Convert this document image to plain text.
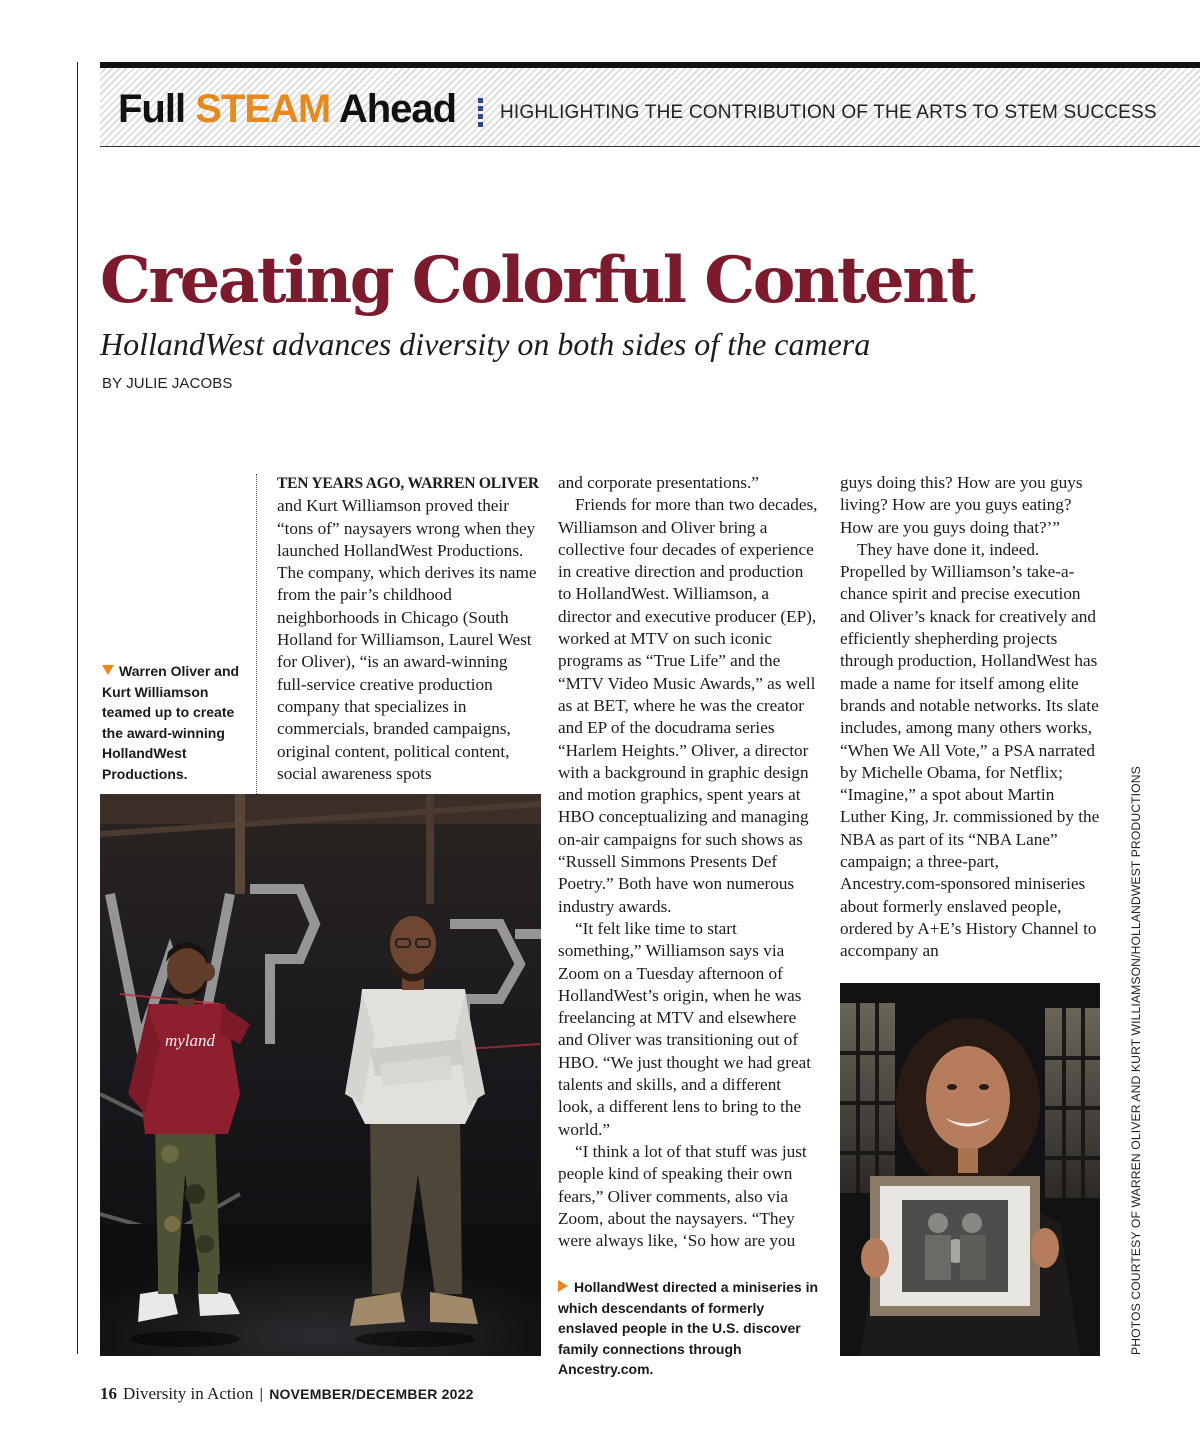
Full STEAM Ahead HIGHLIGHTING THE CONTRIBUTION OF THE ARTS TO STEM SUCCESS

Creating Colorful Content

HollandWest advances diversity on both sides of the camera

BY JULIE JACOBS

Warren Oliver and Kurt Williamson teamed up to create the award-winning HollandWest Productions.

TEN YEARS AGO, WARREN OLIVER and Kurt Williamson proved their “tons of” naysayers wrong when they launched HollandWest Productions. The company, which derives its name from the pair’s childhood neighborhoods in Chicago (South Holland for Williamson, Laurel West for Oliver), “is an award-winning full-service creative production company that specializes in commercials, branded campaigns, original content, political content, social awareness spots

and corporate presentations.”

Friends for more than two decades, Williamson and Oliver bring a collective four decades of experience in creative direction and production to HollandWest. Williamson, a director and executive producer (EP), worked at MTV on such iconic programs as “True Life” and the “MTV Video Music Awards,” as well as at BET, where he was the creator and EP of the docudrama series “Harlem Heights.” Oliver, a director with a background in graphic design and motion graphics, spent years at HBO conceptualizing and managing on-air campaigns for such shows as “Russell Simmons Presents Def Poetry.” Both have won numerous industry awards.

“It felt like time to start something,” Williamson says via Zoom on a Tuesday afternoon of HollandWest’s origin, when he was freelancing at MTV and elsewhere and Oliver was transitioning out of HBO. “We just thought we had great talents and skills, and a different look, a different lens to bring to the world.”

“I think a lot of that stuff was just people kind of speaking their own fears,” Oliver comments, also via Zoom, about the naysayers. “They were always like, ‘So how are you

guys doing this? How are you guys living? How are you guys eating? How are you guys doing that?’”

They have done it, indeed. Propelled by Williamson’s take-a-chance spirit and precise execution and Oliver’s knack for creatively and efficiently shepherding projects through production, HollandWest has made a name for itself among elite brands and notable networks. Its slate includes, among many others works, “When We All Vote,” a PSA narrated by Michelle Obama, for Netflix; “Imagine,” a spot about Martin Luther King, Jr. commissioned by the NBA as part of its “NBA Lane” campaign; a three-part, Ancestry.com-sponsored miniseries about formerly enslaved people, ordered by A+E’s History Channel to accompany an

myland

HollandWest directed a miniseries in which descendants of formerly enslaved people in the U.S. discover family connections through Ancestry.com.

PHOTOS COURTESY OF WARREN OLIVER AND KURT WILLIAMSON/HOLLANDWEST PRODUCTIONS

16 Diversity in Action | NOVEMBER/DECEMBER 2022
